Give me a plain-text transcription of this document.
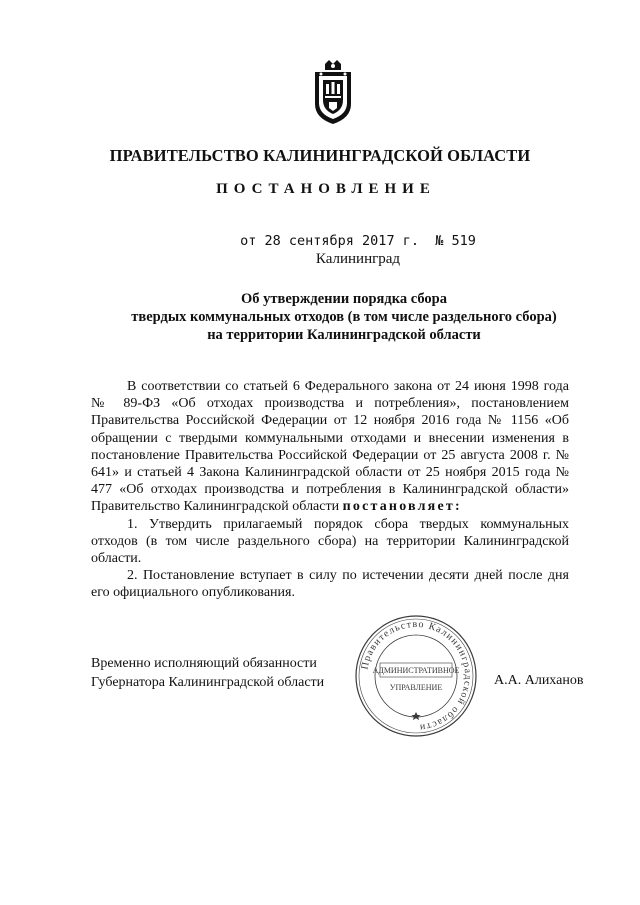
ПРАВИТЕЛЬСТВО КАЛИНИНГРАДСКОЙ ОБЛАСТИ
ПОСТАНОВЛЕНИЕ
от 28 сентября 2017 г.  № 519
Калининград
Об утверждении порядка сбора
твердых коммунальных отходов (в том числе раздельного сбора)
на территории Калининградской области

В соответствии со статьей 6 Федерального закона от 24 июня 1998 года № 89-ФЗ «Об отходах производства и потребления», постановлением Правительства Российской Федерации от 12 ноября 2016 года № 1156 «Об обращении с твердыми коммунальными отходами и внесении изменения в постановление Правительства Российской Федерации от 25 августа 2008 г. № 641» и статьей 4 Закона Калининградской области от 25 ноября 2015 года № 477 «Об отходах производства и потребления в Калининградской области» Правительство Калининградской области постановляет:

1. Утвердить прилагаемый порядок сбора твердых коммунальных отходов (в том числе раздельного сбора) на территории Калининградской области.

2. Постановление вступает в силу по истечении десяти дней после дня его официального опубликования.

Временно исполняющий обязанности
Губернатора Калининградской области
Правительство Калининградской области
АДМИНИСТРАТИВНОЕ
УПРАВЛЕНИЕ	А.А. Алиханов
